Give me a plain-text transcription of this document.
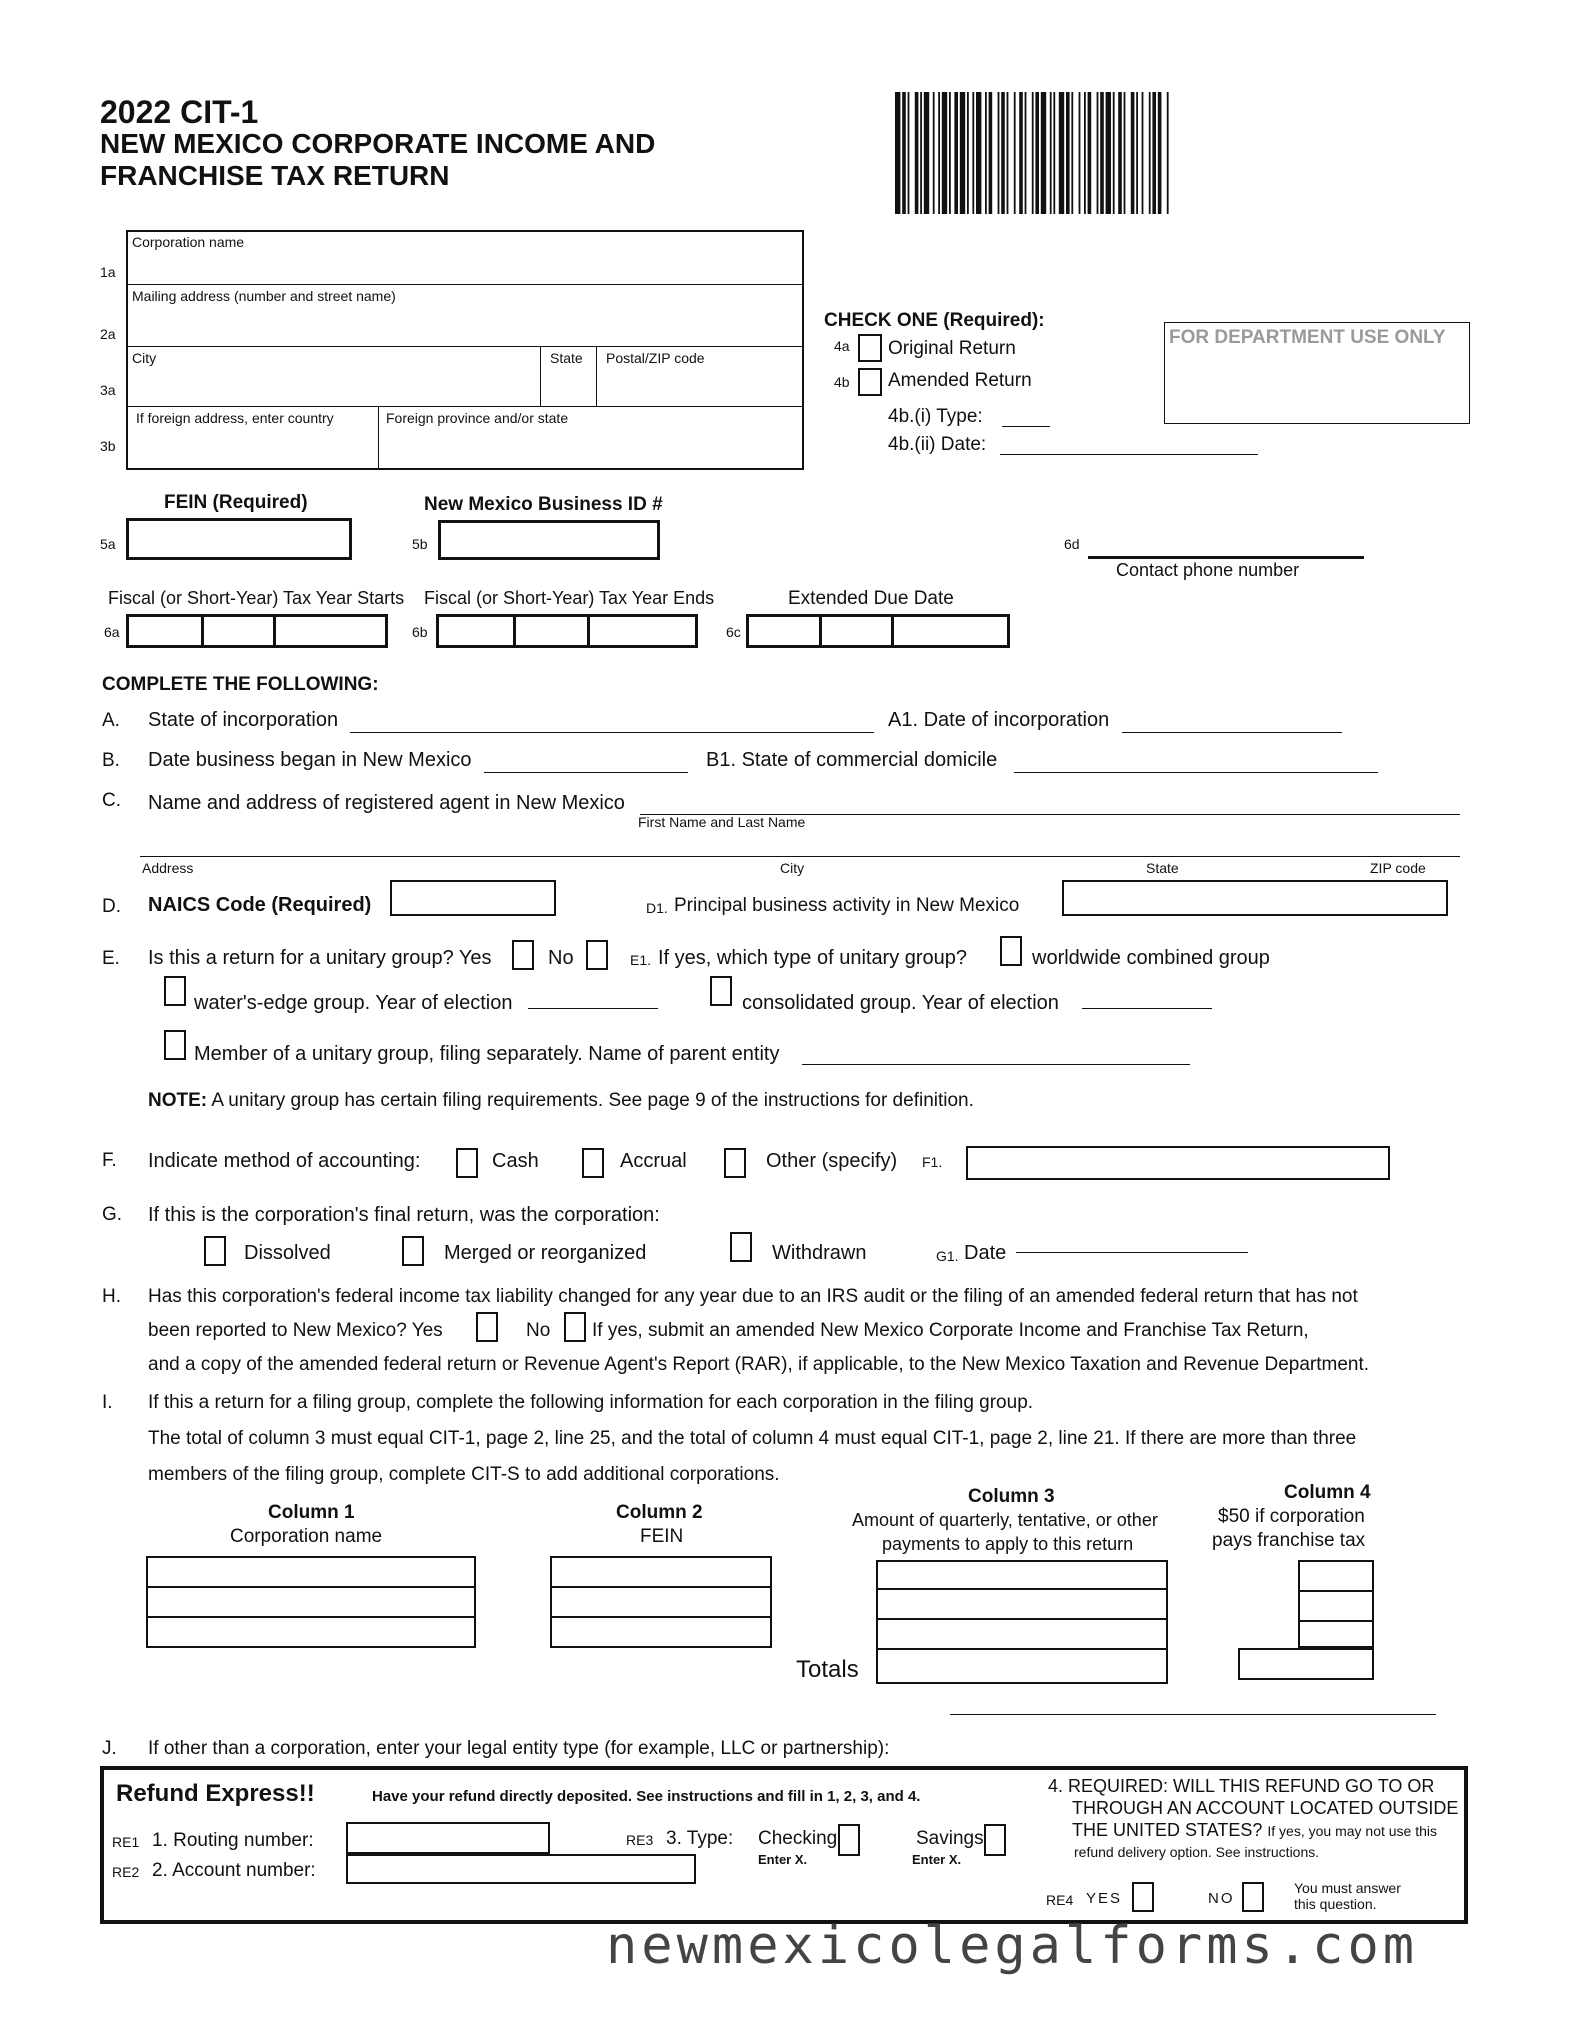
2022 CIT-1
NEW MEXICO CORPORATE INCOME AND
FRANCHISE TAX RETURN
Corporation name
Mailing address (number and street name)
City	State Postal/ZIP code
If foreign address, enter country	Foreign province and/or state
1a
2a
3a
3b
CHECK ONE (Required):
4a Original Return
4b Amended Return
4b.(i) Type:
4b.(ii) Date:
FOR DEPARTMENT USE ONLY
FEIN (Required)
5a
New Mexico Business ID #
5b	6d
Contact phone number
Fiscal (or Short-Year) Tax Year Starts
6a
Fiscal (or Short-Year) Tax Year Ends
6b
Extended Due Date
6c
COMPLETE THE FOLLOWING:
A. State of incorporation	A1. Date of incorporation
B. Date business began in New Mexico	B1. State of commercial domicile
C. Name and address of registered agent in New Mexico
First Name and Last Name
Address	City	State	ZIP code
D. NAICS Code (Required)	D1. Principal business activity in New Mexico
E. Is this a return for a unitary group? Yes	No	E1. If yes, which type of unitary group?	worldwide combined group
water's-edge group. Year of election	consolidated group. Year of election
Member of a unitary group, filing separately. Name of parent entity
NOTE: A unitary group has certain filing requirements. See page 9 of the instructions for definition.
F. Indicate method of accounting:	Cash	Accrual	Other (specify) F1.
G. If this is the corporation's final return, was the corporation:
Dissolved	Merged or reorganized	Withdrawn	G1. Date
H. Has this corporation's federal income tax liability changed for any year due to an IRS audit or the filing of an amended federal return that has not
been reported to New Mexico? Yes	No If yes, submit an amended New Mexico Corporate Income and Franchise Tax Return,
and a copy of the amended federal return or Revenue Agent's Report (RAR), if applicable, to the New Mexico Taxation and Revenue Department.
I. If this a return for a filing group, complete the following information for each corporation in the filing group.
The total of column 3 must equal CIT-1, page 2, line 25, and the total of column 4 must equal CIT-1, page 2, line 21. If there are more than three
members of the filing group, complete CIT-S to add additional corporations.
Column 1
Corporation name
Column 2
FEIN
Column 3
Amount of quarterly, tentative, or other
payments to apply to this return
Column 4
$50 if corporation
pays franchise tax
Totals
J. If other than a corporation, enter your legal entity type (for example, LLC or partnership):
Refund Express!!	Have your refund directly deposited. See instructions and fill in 1, 2, 3, and 4.
RE1 1. Routing number:
RE2 2. Account number:
RE3 3. Type: Checking
Enter X.
Savings
Enter X.
4. REQUIRED: WILL THIS REFUND GO TO OR
THROUGH AN ACCOUNT LOCATED OUTSIDE
THE UNITED STATES? If yes, you may not use this
refund delivery option. See instructions.
RE4 YES	NO
You must answer
this question.
newmexicolegalforms.com
